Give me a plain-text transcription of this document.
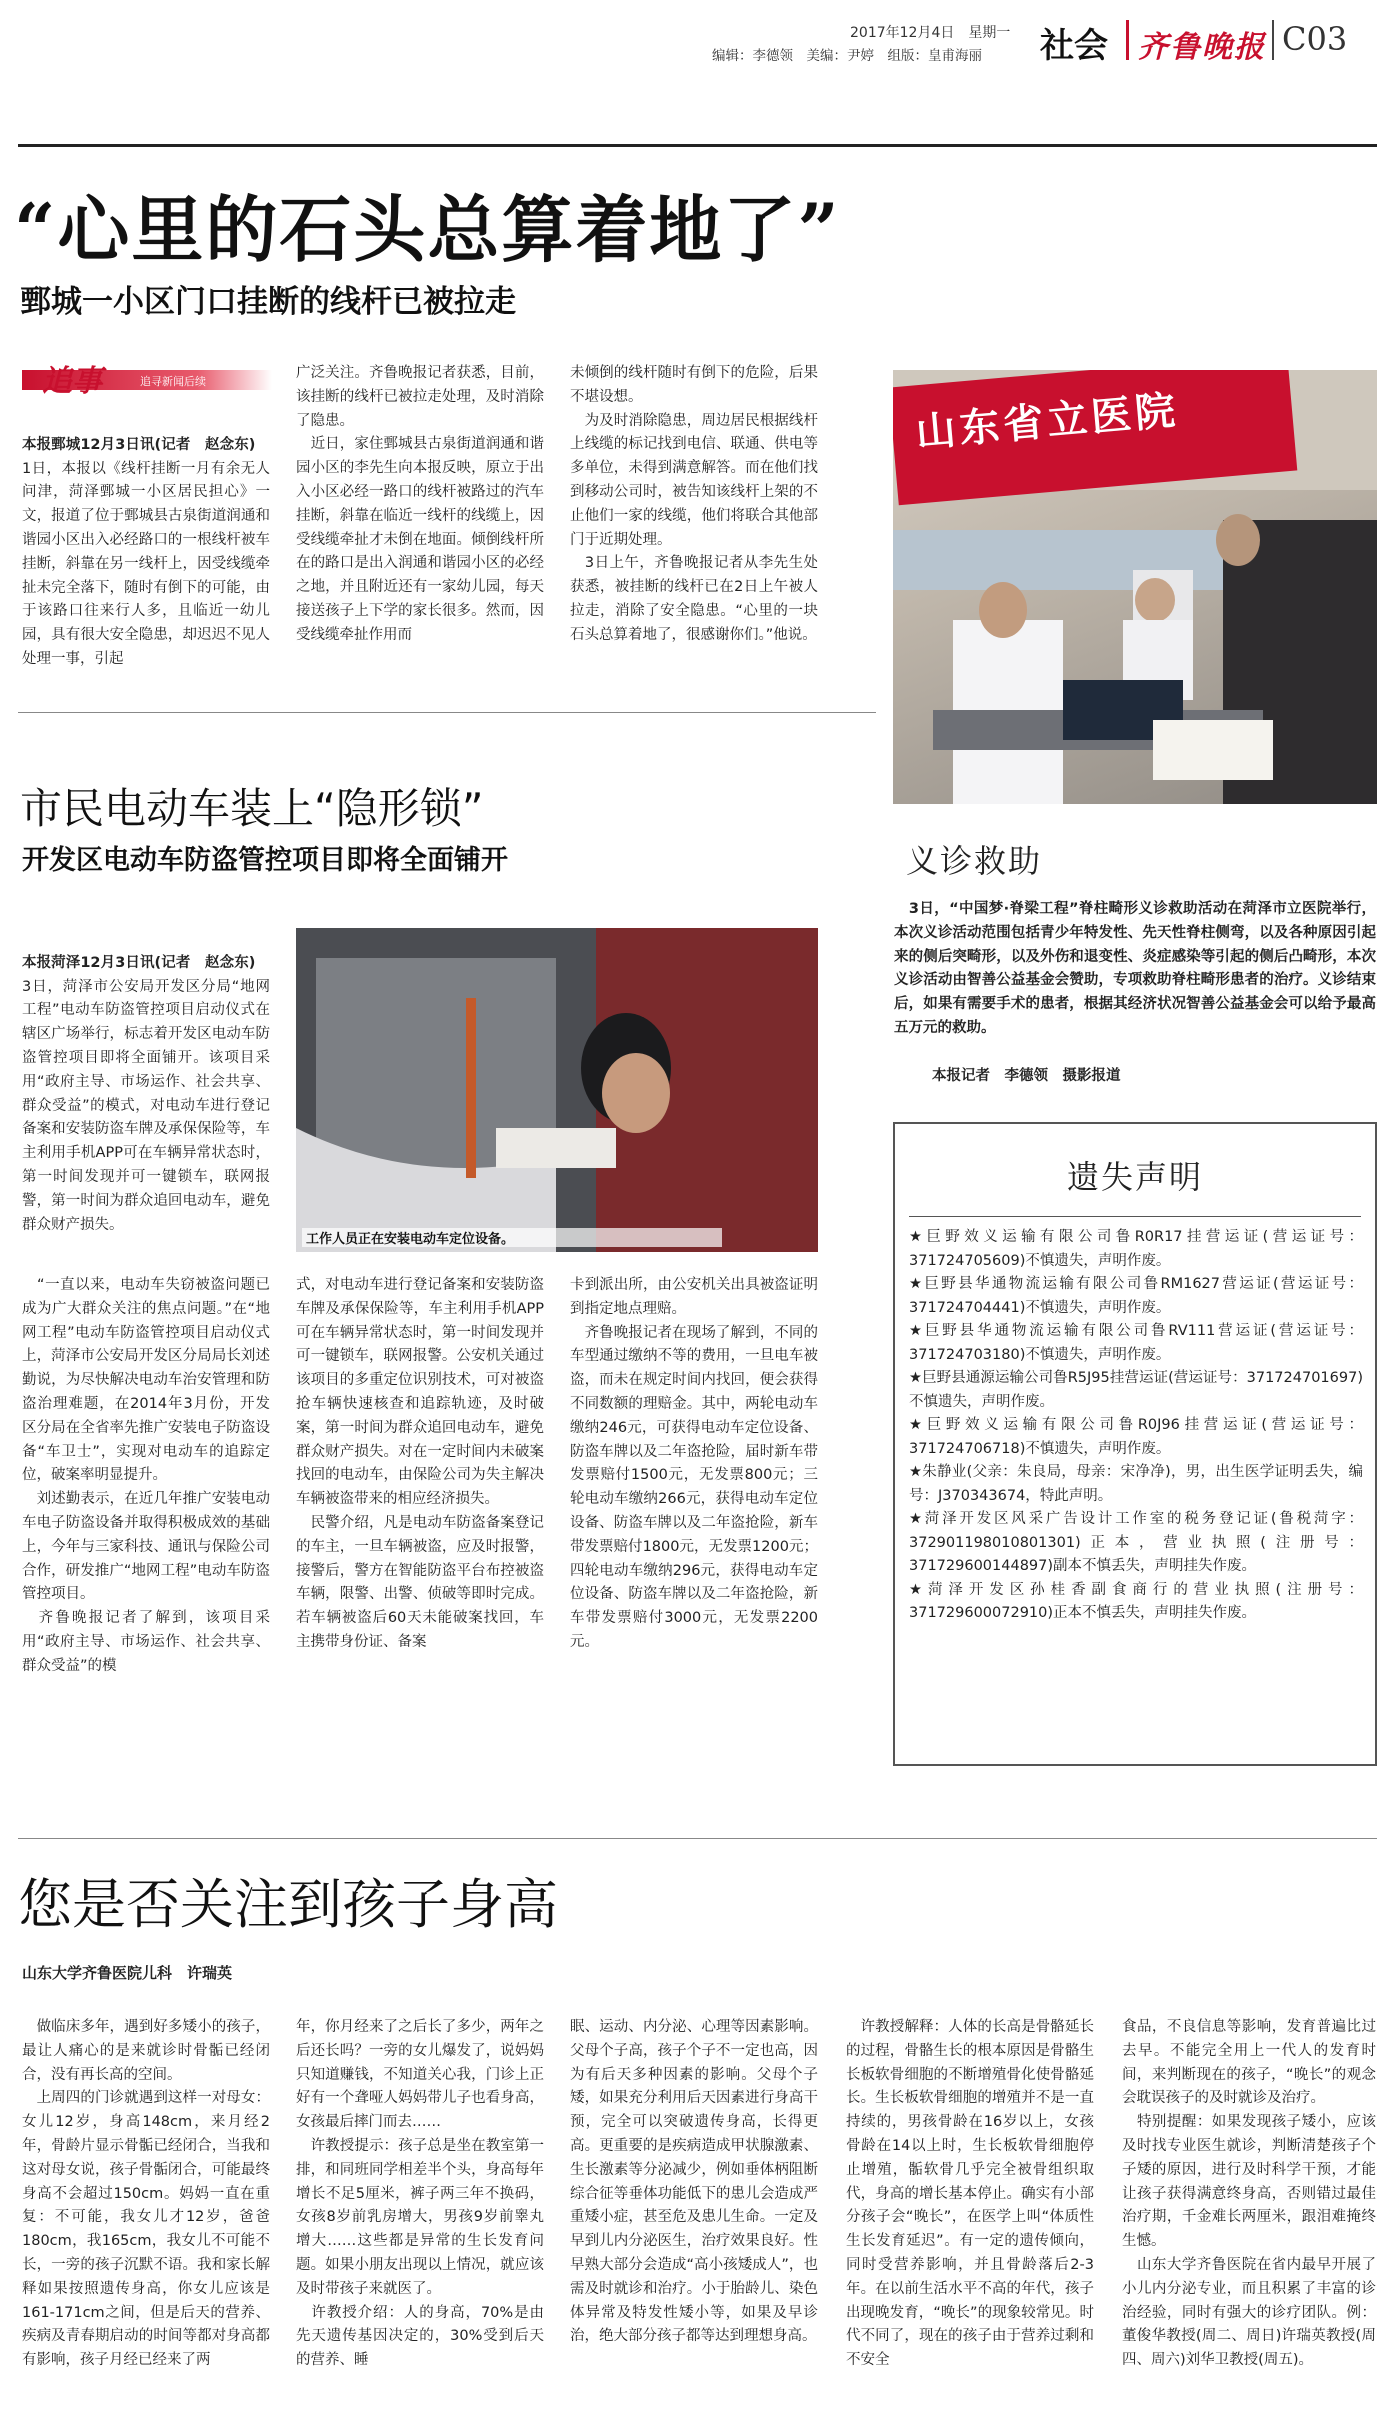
2017年12月4日　星期一
编辑：李德领　美编：尹婷　组版：皇甫海丽	社会 齐鲁晚报 C03
“心里的石头总算着地了”
鄄城一小区门口挂断的线杆已被拉走
追事	追寻新闻后续

本报鄄城12月3日讯(记者　赵念东)　1日，本报以《线杆挂断一月有余无人问津，菏泽鄄城一小区居民担心》一文，报道了位于鄄城县古泉街道润通和谐园小区出入必经路口的一根线杆被车挂断，斜靠在另一线杆上，因受线缆牵扯未完全落下，随时有倒下的可能，由于该路口往来行人多，且临近一幼儿园，具有很大安全隐患，却迟迟不见人处理一事，引起

广泛关注。齐鲁晚报记者获悉，目前，该挂断的线杆已被拉走处理，及时消除了隐患。
　近日，家住鄄城县古泉街道润通和谐园小区的李先生向本报反映，原立于出入小区必经一路口的线杆被路过的汽车挂断，斜靠在临近一线杆的线缆上，因受线缆牵扯才未倒在地面。倾倒线杆所在的路口是出入润通和谐园小区的必经之地，并且附近还有一家幼儿园，每天接送孩子上下学的家长很多。然而，因受线缆牵扯作用而
未倾倒的线杆随时有倒下的危险，后果不堪设想。
　为及时消除隐患，周边居民根据线杆上线缆的标记找到电信、联通、供电等多单位，未得到满意解答。而在他们找到移动公司时，被告知该线杆上架的不止他们一家的线缆，他们将联合其他部门于近期处理。
　3日上午，齐鲁晚报记者从李先生处获悉，被挂断的线杆已在2日上午被人拉走，消除了安全隐患。“心里的一块石头总算着地了，很感谢你们。”他说。
山东省立医院
义诊救助
　3日，“中国梦·脊梁工程”脊柱畸形义诊救助活动在菏泽市立医院举行，本次义诊活动范围包括青少年特发性、先天性脊柱侧弯，以及各种原因引起来的侧后突畸形，以及外伤和退变性、炎症感染等引起的侧后凸畸形，本次义诊活动由智善公益基金会赞助，专项救助脊柱畸形患者的治疗。义诊结束后，如果有需要手术的患者，根据其经济状况智善公益基金会可以给予最高五万元的救助。
本报记者　李德领　摄影报道
市民电动车装上“隐形锁”
开发区电动车防盗管控项目即将全面铺开

本报菏泽12月3日讯(记者　赵念东)　3日，菏泽市公安局开发区分局“地网工程”电动车防盗管控项目启动仪式在辖区广场举行，标志着开发区电动车防盗管控项目即将全面铺开。该项目采用“政府主导、市场运作、社会共享、群众受益”的模式，对电动车进行登记备案和安装防盗车牌及承保保险等，车主利用手机APP可在车辆异常状态时，第一时间发现并可一键锁车，联网报警，第一时间为群众追回电动车，避免群众财产损失。

工作人员正在安装电动车定位设备。
　“一直以来，电动车失窃被盗问题已成为广大群众关注的焦点问题。”在“地网工程”电动车防盗管控项目启动仪式上，菏泽市公安局开发区分局局长刘述勤说，为尽快解决电动车治安管理和防盗治理难题，在2014年3月份，开发区分局在全省率先推广安装电子防盗设备“车卫士”，实现对电动车的追踪定位，破案率明显提升。
　刘述勤表示，在近几年推广安装电动车电子防盗设备并取得积极成效的基础上，今年与三家科技、通讯与保险公司合作，研发推广“地网工程”电动车防盗管控项目。
　齐鲁晚报记者了解到，该项目采用“政府主导、市场运作、社会共享、群众受益”的模
式，对电动车进行登记备案和安装防盗车牌及承保保险等，车主利用手机APP可在车辆异常状态时，第一时间发现并可一键锁车，联网报警。公安机关通过该项目的多重定位识别技术，可对被盗抢车辆快速核查和追踪轨迹，及时破案，第一时间为群众追回电动车，避免群众财产损失。对在一定时间内未破案找回的电动车，由保险公司为失主解决车辆被盗带来的相应经济损失。
　民警介绍，凡是电动车防盗备案登记的车主，一旦车辆被盗，应及时报警，接警后，警方在智能防盗平台布控被盗车辆，限警、出警、侦破等即时完成。若车辆被盗后60天未能破案找回，车主携带身份证、备案
卡到派出所，由公安机关出具被盗证明到指定地点理赔。
　齐鲁晚报记者在现场了解到，不同的车型通过缴纳不等的费用，一旦电车被盗，而未在规定时间内找回，便会获得不同数额的理赔金。其中，两轮电动车缴纳246元，可获得电动车定位设备、防盗车牌以及二年盗抢险，届时新车带发票赔付1500元，无发票800元；三轮电动车缴纳266元，获得电动车定位设备、防盗车牌以及二年盗抢险，新车带发票赔付1800元，无发票1200元；四轮电动车缴纳296元，获得电动车定位设备、防盗车牌以及二年盗抢险，新车带发票赔付3000元，无发票2200元。
遗失声明
★巨野效义运输有限公司鲁R0R17挂营运证(营运证号：371724705609)不慎遗失，声明作废。
★巨野县华通物流运输有限公司鲁RM1627营运证(营运证号：371724704441)不慎遗失，声明作废。
★巨野县华通物流运输有限公司鲁RV111营运证(营运证号：371724703180)不慎遗失，声明作废。
★巨野县通源运输公司鲁R5J95挂营运证(营运证号：371724701697)不慎遗失，声明作废。
★巨野效义运输有限公司鲁R0J96挂营运证(营运证号：371724706718)不慎遗失，声明作废。
★朱静业(父亲：朱良局，母亲：宋净净)，男，出生医学证明丢失，编号：J370343674，特此声明。
★菏泽开发区风采广告设计工作室的税务登记证(鲁税菏字：372901198010801301)正本，营业执照(注册号：371729600144897)副本不慎丢失，声明挂失作废。
★菏泽开发区孙桂香副食商行的营业执照(注册号：371729600072910)正本不慎丢失，声明挂失作废。
您是否关注到孩子身高
山东大学齐鲁医院儿科　许瑞英
　做临床多年，遇到好多矮小的孩子，最让人痛心的是来就诊时骨骺已经闭合，没有再长高的空间。
　上周四的门诊就遇到这样一对母女：女儿12岁，身高148cm，来月经2年，骨龄片显示骨骺已经闭合，当我和这对母女说，孩子骨骺闭合，可能最终身高不会超过150cm。妈妈一直在重复：不可能，我女儿才12岁，爸爸180cm，我165cm，我女儿不可能不长，一旁的孩子沉默不语。我和家长解释如果按照遗传身高，你女儿应该是161-171cm之间，但是后天的营养、疾病及青春期启动的时间等都对身高都有影响，孩子月经已经来了两
年，你月经来了之后长了多少，两年之后还长吗？一旁的女儿爆发了，说妈妈只知道赚钱，不知道关心我，门诊上正好有一个聋哑人妈妈带儿子也看身高，女孩最后摔门而去……
　许教授提示：孩子总是坐在教室第一排，和同班同学相差半个头，身高每年增长不足5厘米，裤子两三年不换码，女孩8岁前乳房增大，男孩9岁前睾丸增大……这些都是异常的生长发育问题。如果小朋友出现以上情况，就应该及时带孩子来就医了。
　许教授介绍：人的身高，70%是由先天遗传基因决定的，30%受到后天的营养、睡
眠、运动、内分泌、心理等因素影响。父母个子高，孩子个子不一定也高，因为有后天多种因素的影响。父母个子矮，如果充分利用后天因素进行身高干预，完全可以突破遗传身高，长得更高。更重要的是疾病造成甲状腺激素、生长激素等分泌减少，例如垂体柄阻断综合征等垂体功能低下的患儿会造成严重矮小症，甚至危及患儿生命。一定及早到儿内分泌医生，治疗效果良好。性早熟大部分会造成“高小孩矮成人”，也需及时就诊和治疗。小于胎龄儿、染色体异常及特发性矮小等，如果及早诊治，绝大部分孩子都等达到理想身高。
　许教授解释：人体的长高是骨骼延长的过程，骨骼生长的根本原因是骨骼生长板软骨细胞的不断增殖骨化使骨骼延长。生长板软骨细胞的增殖并不是一直持续的，男孩骨龄在16岁以上，女孩骨龄在14以上时，生长板软骨细胞停止增殖，骺软骨几乎完全被骨组织取代，身高的增长基本停止。确实有小部分孩子会“晚长”，在医学上叫“体质性生长发育延迟”。有一定的遗传倾向，同时受营养影响，并且骨龄落后2-3年。在以前生活水平不高的年代，孩子出现晚发育，“晚长”的现象较常见。时代不同了，现在的孩子由于营养过剩和不安全
食品，不良信息等影响，发育普遍比过去早。不能完全用上一代人的发育时间，来判断现在的孩子，“晚长”的观念会耽误孩子的及时就诊及治疗。
　特别提醒：如果发现孩子矮小，应该及时找专业医生就诊，判断清楚孩子个子矮的原因，进行及时科学干预，才能让孩子获得满意终身高，否则错过最佳治疗期，千金难长两厘米，跟泪难掩终生憾。
　山东大学齐鲁医院在省内最早开展了小儿内分泌专业，而且积累了丰富的诊治经验，同时有强大的诊疗团队。例：董俊华教授(周二、周日)许瑞英教授(周四、周六)刘华卫教授(周五)。
